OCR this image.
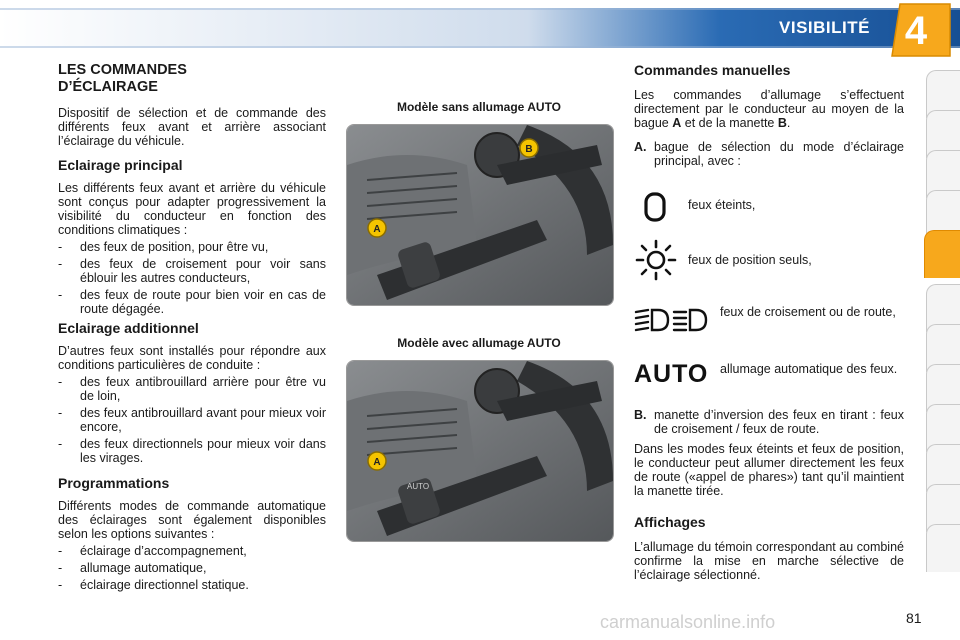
VISIBILITÉ 4
LES COMMANDES
D’ÉCLAIRAGE

Dispositif de sélection et de commande des différents feux avant et arrière associant l’éclairage du véhicule.

Eclairage principal

Les différents feux avant et arrière du véhicule sont conçus pour adapter progressivement la visibilité du conducteur en fonction des conditions climatiques :

- des feux de position, pour être vu,

- des feux de croisement pour voir sans éblouir les autres conducteurs,

- des feux de route pour bien voir en cas de route dégagée.

Eclairage additionnel

D’autres feux sont installés pour répondre aux conditions particulières de conduite :

- des feux antibrouillard arrière pour être vu de loin,

- des feux antibrouillard avant pour mieux voir encore,

- des feux directionnels pour mieux voir dans les virages.

Programmations

Différents modes de commande automatique des éclairages sont également disponibles selon les options suivantes :

- éclairage d’accompagnement,

- allumage automatique,

- éclairage directionnel statique.

Modèle sans allumage AUTO
A
B
Modèle avec allumage AUTO
AUTO
A
Commandes manuelles

Les commandes d’allumage s’effectuent directement par le conducteur au moyen de la bague A et de la manette B.

A. bague de sélection du mode d’éclairage principal, avec :

feux éteints,
feux de position seuls,
feux de croisement ou de route,
AUTO allumage automatique des feux.

B. manette d’inversion des feux en tirant : feux de croisement / feux de route.

Dans les modes feux éteints et feux de position, le conducteur peut allumer directement les feux de route («appel de phares») tant qu’il maintient la manette tirée.

Affichages

L’allumage du témoin correspondant au combiné confirme la mise en marche sélective de l’éclairage sélectionné.

carmanualsonline.info	81
